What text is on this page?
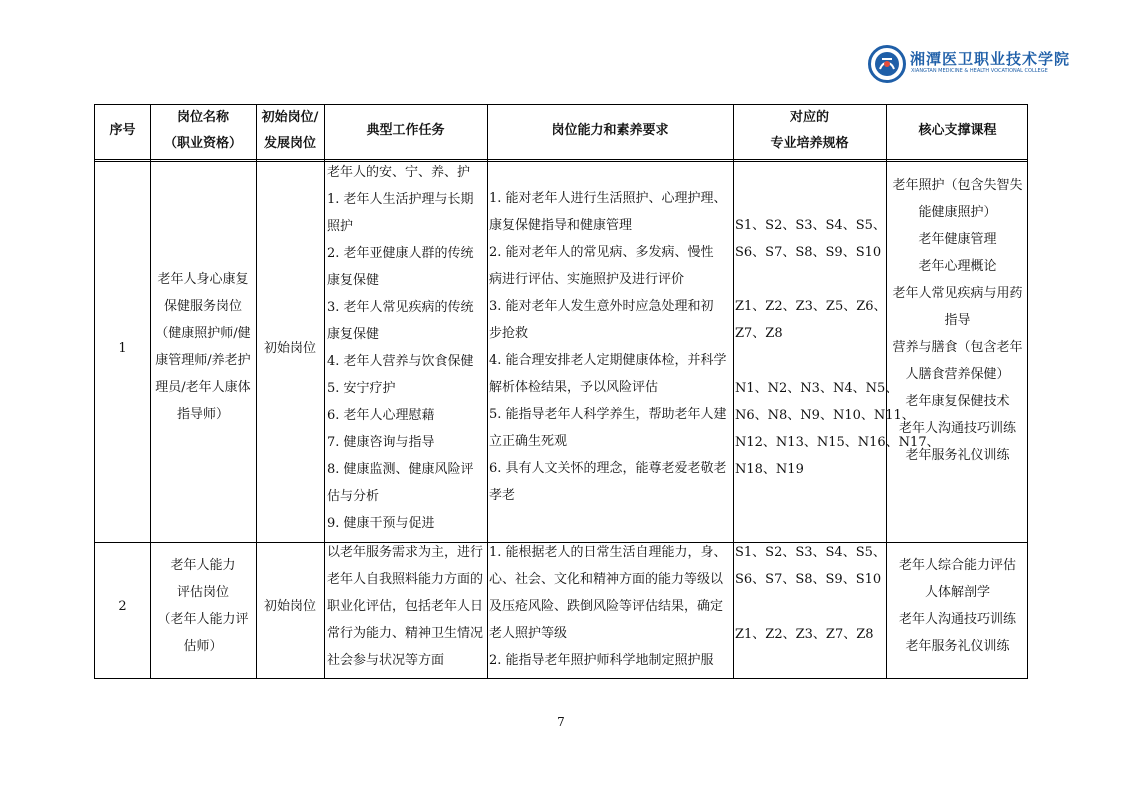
湘潭医卫职业技术学院
XIANGTAN MEDICINE & HEALTH VOCATIONAL COLLEGE
序号
岗位名称
（职业资格）
初始岗位/
发展岗位
典型工作任务	岗位能力和素养要求
对应的
专业培养规格
核心支撑课程
1
老年人身心康复
保健服务岗位
（健康照护师/健
康管理师/养老护
理员/老年人康体
指导师）
初始岗位
老年人的安、宁、养、护
1. 老年人生活护理与长期
照护
2. 老年亚健康人群的传统
康复保健
3. 老年人常见疾病的传统
康复保健
4. 老年人营养与饮食保健
5. 安宁疗护
6. 老年人心理慰藉
7. 健康咨询与指导
8. 健康监测、健康风险评
估与分析
9. 健康干预与促进
1. 能对老年人进行生活照护、心理护理、
康复保健指导和健康管理
2. 能对老年人的常见病、多发病、慢性
病进行评估、实施照护及进行评价
3. 能对老年人发生意外时应急处理和初
步抢救
4. 能合理安排老人定期健康体检，并科学
解析体检结果，予以风险评估
5. 能指导老年人科学养生，帮助老年人建
立正确生死观
6. 具有人文关怀的理念，能尊老爱老敬老
孝老
S1、S2、S3、S4、S5、
S6、S7、S8、S9、S10
Z1、Z2、Z3、Z5、Z6、
Z7、Z8
N1、N2、N3、N4、N5、
N6、N8、N9、N10、N11、
N12、N13、N15、N16、N17、
N18、N19
老年照护（包含失智失
能健康照护）
老年健康管理
老年心理概论
老年人常见疾病与用药
指导
营养与膳食（包含老年
人膳食营养保健）
老年康复保健技术
老年人沟通技巧训练
老年服务礼仪训练
2
老年人能力
评估岗位
（老年人能力评
估师）
初始岗位
以老年服务需求为主，进行
老年人自我照料能力方面的
职业化评估，包括老年人日
常行为能力、精神卫生情况
社会参与状况等方面
1. 能根据老人的日常生活自理能力，身、
心、社会、文化和精神方面的能力等级以
及压疮风险、跌倒风险等评估结果，确定
老人照护等级
2. 能指导老年照护师科学地制定照护服
S1、S2、S3、S4、S5、
S6、S7、S8、S9、S10
Z1、Z2、Z3、Z7、Z8
老年人综合能力评估
人体解剖学
老年人沟通技巧训练
老年服务礼仪训练
7
